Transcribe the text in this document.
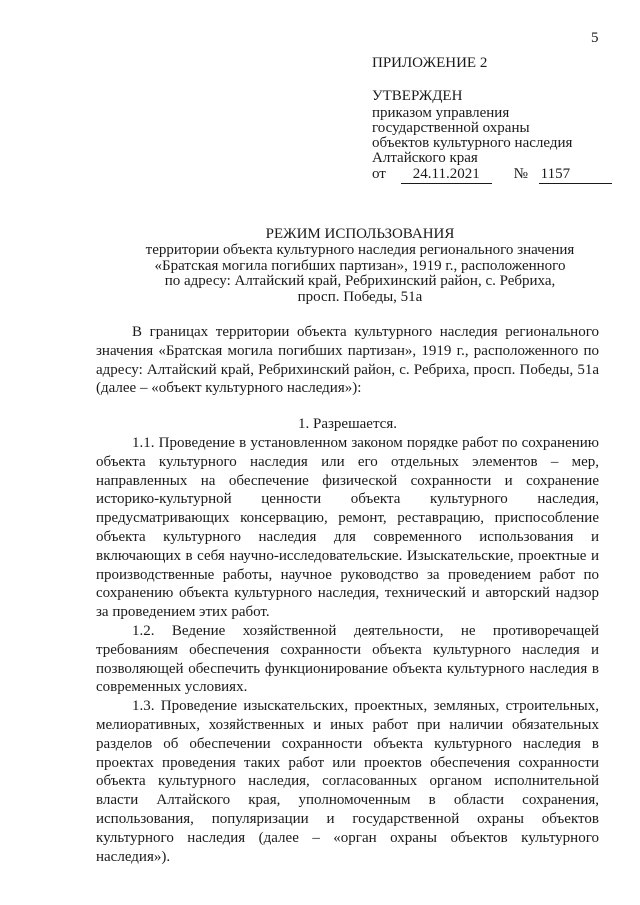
5
ПРИЛОЖЕНИЕ 2
УТВЕРЖДЕН
приказом управления
государственной охраны
объектов культурного наследия
Алтайского края
от	24.11.2021	№ 1157
РЕЖИМ ИСПОЛЬЗОВАНИЯ
территории объекта культурного наследия регионального значения
«Братская могила погибших партизан», 1919 г., расположенного
по адресу: Алтайский край, Ребрихинский район, с. Ребриха,
просп. Победы, 51а

В границах территории объекта культурного наследия регионального значения «Братская могила погибших партизан», 1919 г., расположенного по адресу: Алтайский край, Ребрихинский район, с. Ребриха, просп. Победы, 51а (далее – «объект культурного наследия»):

1. Разрешается.

1.1. Проведение в установленном законом порядке работ по сохранению объекта культурного наследия или его отдельных элементов – мер, направленных на обеспечение физической сохранности и сохранение историко-культурной ценности объекта культурного наследия, предусматривающих консервацию, ремонт, реставрацию, приспособление объекта культурного наследия для современного использования и включающих в себя научно-исследовательские. Изыскательские, проектные и производственные работы, научное руководство за проведением работ по сохранению объекта культурного наследия, технический и авторский надзор за проведением этих работ.

1.2. Ведение хозяйственной деятельности, не противоречащей требованиям обеспечения сохранности объекта культурного наследия и позволяющей обеспечить функционирование объекта культурного наследия в современных условиях.

1.3. Проведение изыскательских, проектных, земляных, строительных, мелиоративных, хозяйственных и иных работ при наличии обязательных разделов об обеспечении сохранности объекта культурного наследия в проектах проведения таких работ или проектов обеспечения сохранности объекта культурного наследия, согласованных органом исполнительной власти Алтайского края, уполномоченным в области сохранения, использования, популяризации и государственной охраны объектов культурного наследия (далее – «орган охраны объектов культурного наследия»).
